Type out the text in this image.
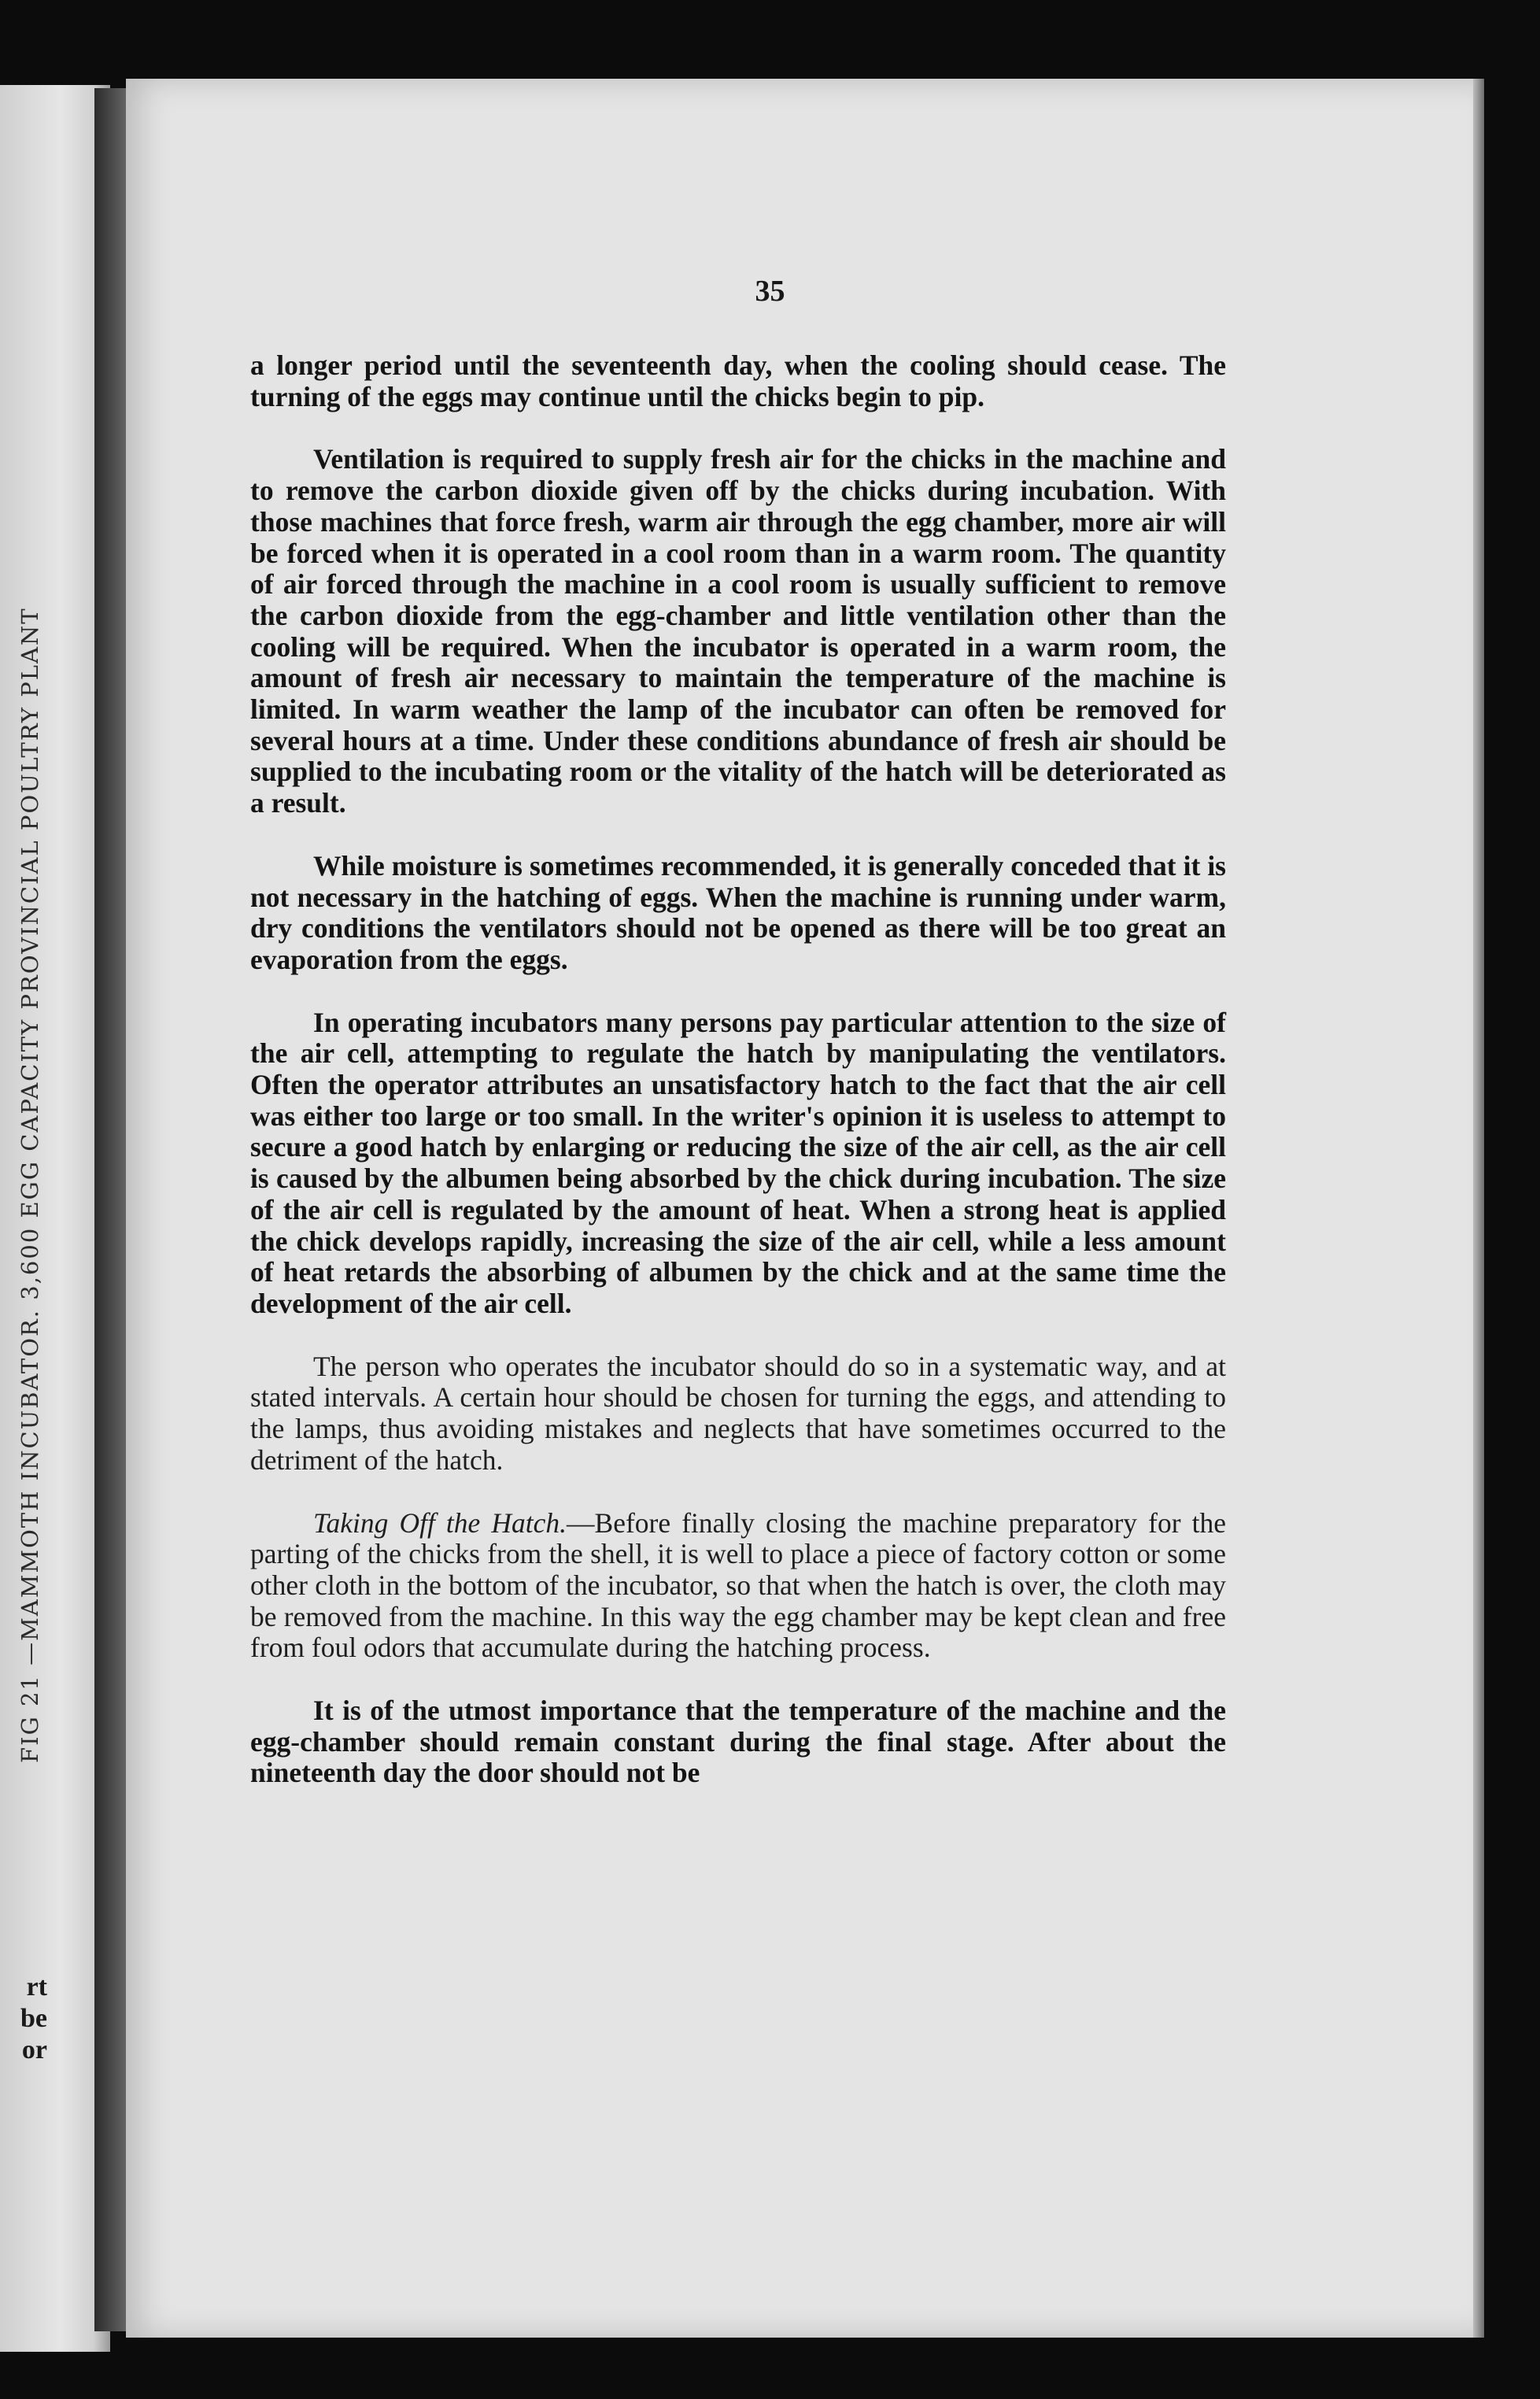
FIG 21 —MAMMOTH INCUBATOR. 3,600 EGG CAPACITY PROVINCIAL POULTRY PLANT
rt
be
or
35

a longer period until the seventeenth day, when the cooling should cease. The turning of the eggs may continue until the chicks begin to pip.

Ventilation is required to supply fresh air for the chicks in the machine and to remove the carbon dioxide given off by the chicks during incubation. With those machines that force fresh, warm air through the egg chamber, more air will be forced when it is operated in a cool room than in a warm room. The quantity of air forced through the machine in a cool room is usually sufficient to remove the carbon dioxide from the egg-chamber and little ventilation other than the cooling will be required. When the incubator is operated in a warm room, the amount of fresh air necessary to maintain the temperature of the machine is limited. In warm weather the lamp of the incubator can often be removed for several hours at a time. Under these conditions abundance of fresh air should be supplied to the incubating room or the vitality of the hatch will be deteriorated as a result.

While moisture is sometimes recommended, it is generally conceded that it is not necessary in the hatching of eggs. When the machine is running under warm, dry conditions the ventilators should not be opened as there will be too great an evaporation from the eggs.

In operating incubators many persons pay particular attention to the size of the air cell, attempting to regulate the hatch by manipulating the ventilators. Often the operator attributes an unsatisfactory hatch to the fact that the air cell was either too large or too small. In the writer's opinion it is useless to attempt to secure a good hatch by enlarging or reducing the size of the air cell, as the air cell is caused by the albumen being absorbed by the chick during incubation. The size of the air cell is regulated by the amount of heat. When a strong heat is applied the chick develops rapidly, increasing the size of the air cell, while a less amount of heat retards the absorbing of albumen by the chick and at the same time the development of the air cell.

The person who operates the incubator should do so in a systematic way, and at stated intervals. A certain hour should be chosen for turning the eggs, and attending to the lamps, thus avoiding mistakes and neglects that have sometimes occurred to the detriment of the hatch.

Taking Off the Hatch.—Before finally closing the machine preparatory for the parting of the chicks from the shell, it is well to place a piece of factory cotton or some other cloth in the bottom of the incubator, so that when the hatch is over, the cloth may be removed from the machine. In this way the egg chamber may be kept clean and free from foul odors that accumulate during the hatching process.

It is of the utmost importance that the temperature of the machine and the egg-chamber should remain constant during the final stage. After about the nineteenth day the door should not be
